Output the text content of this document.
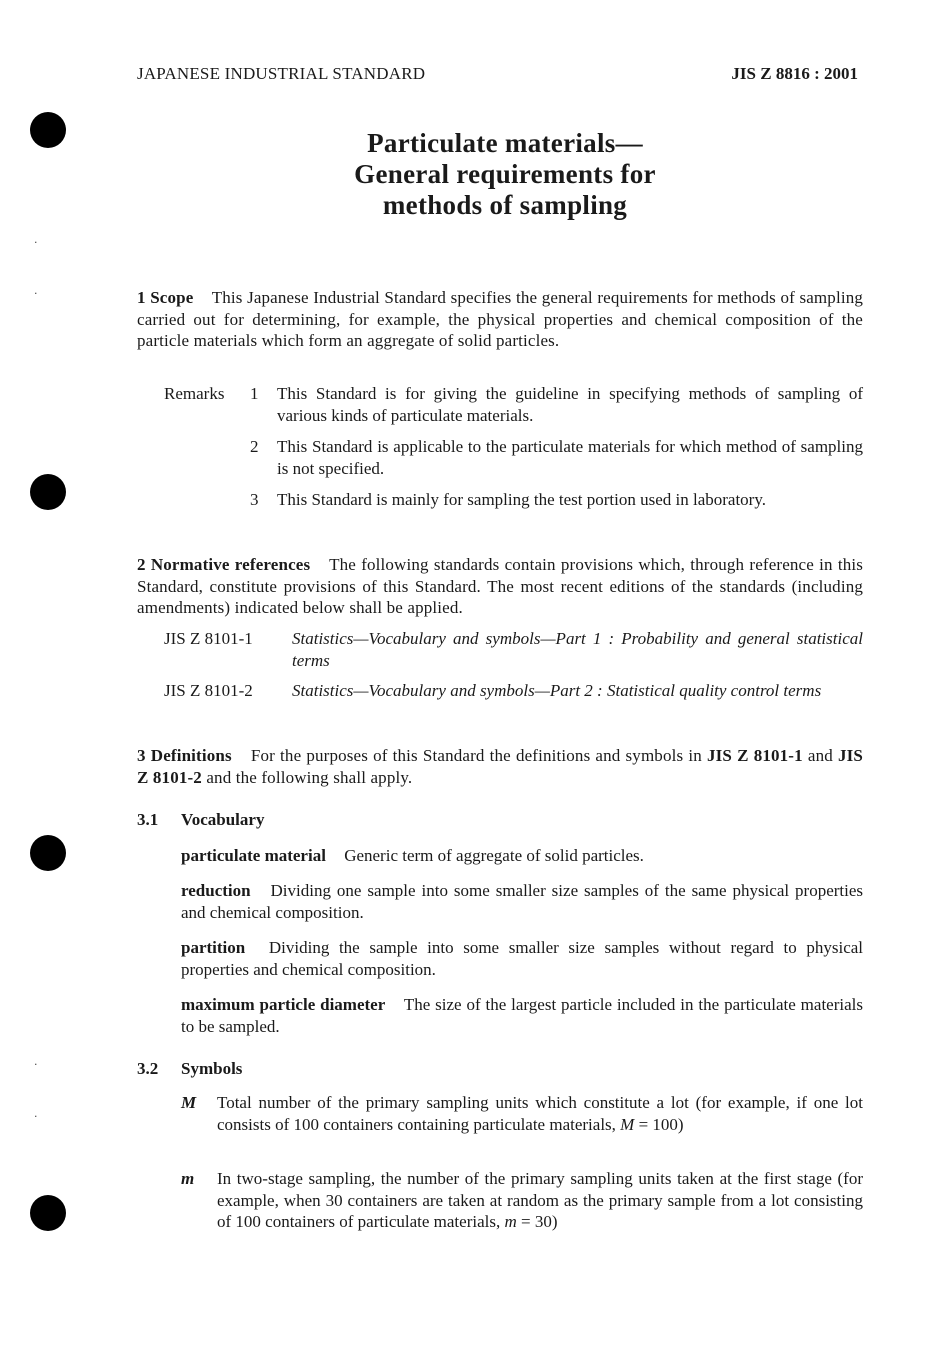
·
·
·
·
JAPANESE INDUSTRIAL STANDARD	JIS Z 8816 : 2001
Particulate materials—
General requirements for
methods of sampling
1 Scope This Japanese Industrial Standard specifies the general requirements for methods of sampling carried out for determining, for example, the physical properties and chemical composition of the particle materials which form an aggregate of solid particles.
Remarks 1 This Standard is for giving the guideline in specifying methods of sampling of various kinds of particulate materials.
2 This Standard is applicable to the particulate materials for which method of sampling is not specified.
3 This Standard is mainly for sampling the test portion used in laboratory.
2 Normative references The following standards contain provisions which, through reference in this Standard, constitute provisions of this Standard. The most recent editions of the standards (including amendments) indicated below shall be applied.
JIS Z 8101-1 Statistics—Vocabulary and symbols—Part 1 : Probability and general statistical terms
JIS Z 8101-2 Statistics—Vocabulary and symbols—Part 2 : Statistical quality control terms
3 Definitions For the purposes of this Standard the definitions and symbols in JIS Z 8101-1 and JIS Z 8101-2 and the following shall apply.
3.1 Vocabulary
particulate material Generic term of aggregate of solid particles.
reduction Dividing one sample into some smaller size samples of the same physical properties and chemical composition.
partition Dividing the sample into some smaller size samples without regard to physical properties and chemical composition.
maximum particle diameter The size of the largest particle included in the particulate materials to be sampled.
3.2 Symbols
M Total number of the primary sampling units which constitute a lot (for example, if one lot consists of 100 containers containing particulate materials, M = 100)
m In two-stage sampling, the number of the primary sampling units taken at the first stage (for example, when 30 containers are taken at random as the primary sample from a lot consisting of 100 containers of particulate materials, m = 30)
